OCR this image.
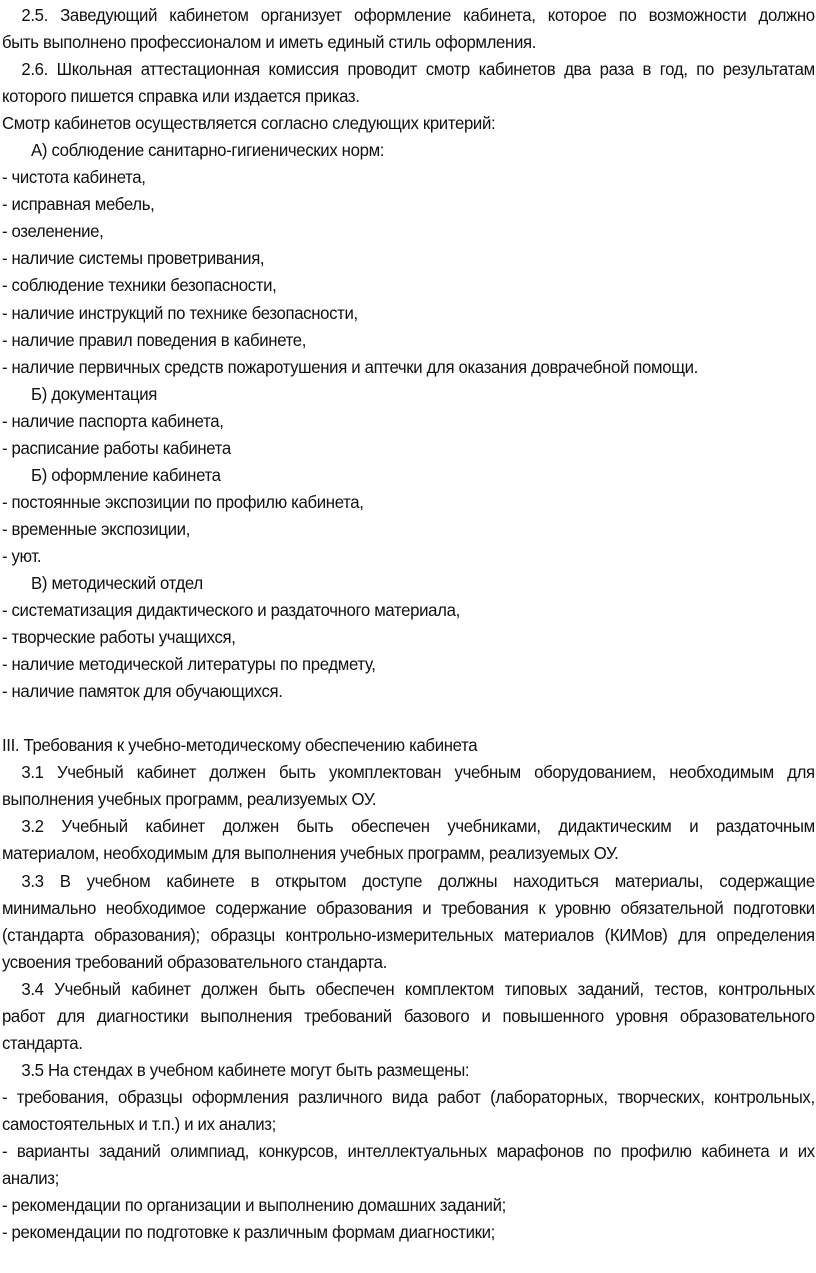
2.5. Заведующий кабинетом организует оформление кабинета, которое по возможности должно
быть выполнено профессионалом и иметь единый стиль оформления.
2.6. Школьная аттестационная комиссия проводит смотр кабинетов два раза в год, по результатам
которого пишется справка или издается приказ.
Смотр кабинетов осуществляется согласно следующих критерий:
А) соблюдение санитарно-гигиенических норм:
- чистота кабинета,
- исправная мебель,
- озеленение,
- наличие системы проветривания,
- соблюдение техники безопасности,
- наличие инструкций по технике безопасности,
- наличие правил поведения в кабинете,
- наличие первичных средств пожаротушения и аптечки для оказания доврачебной помощи.
Б) документация
- наличие паспорта кабинета,
- расписание работы кабинета
Б) оформление кабинета
- постоянные экспозиции по профилю кабинета,
- временные экспозиции,
- уют.
В) методический отдел
- систематизация дидактического и раздаточного материала,
- творческие работы учащихся,
- наличие методической литературы по предмету,
- наличие памяток для обучающихся.
III. Требования к учебно-методическому обеспечению кабинета
3.1 Учебный кабинет должен быть укомплектован учебным оборудованием, необходимым для
выполнения учебных программ, реализуемых ОУ.
3.2 Учебный кабинет должен быть обеспечен учебниками, дидактическим и раздаточным
материалом, необходимым для выполнения учебных программ, реализуемых ОУ.
3.3 В учебном кабинете в открытом доступе должны находиться материалы, содержащие
минимально необходимое содержание образования и требования к уровню обязательной подготовки
(стандарта образования); образцы контрольно-измерительных материалов (КИМов) для определения
усвоения требований образовательного стандарта.
3.4 Учебный кабинет должен быть обеспечен комплектом типовых заданий, тестов, контрольных
работ для диагностики выполнения требований базового и повышенного уровня образовательного
стандарта.
3.5 На стендах в учебном кабинете могут быть размещены:
- требования, образцы оформления различного вида работ (лабораторных, творческих, контрольных,
самостоятельных и т.п.) и их анализ;
- варианты заданий олимпиад, конкурсов, интеллектуальных марафонов по профилю кабинета и их
анализ;
- рекомендации по организации и выполнению домашних заданий;
- рекомендации по подготовке к различным формам диагностики;
